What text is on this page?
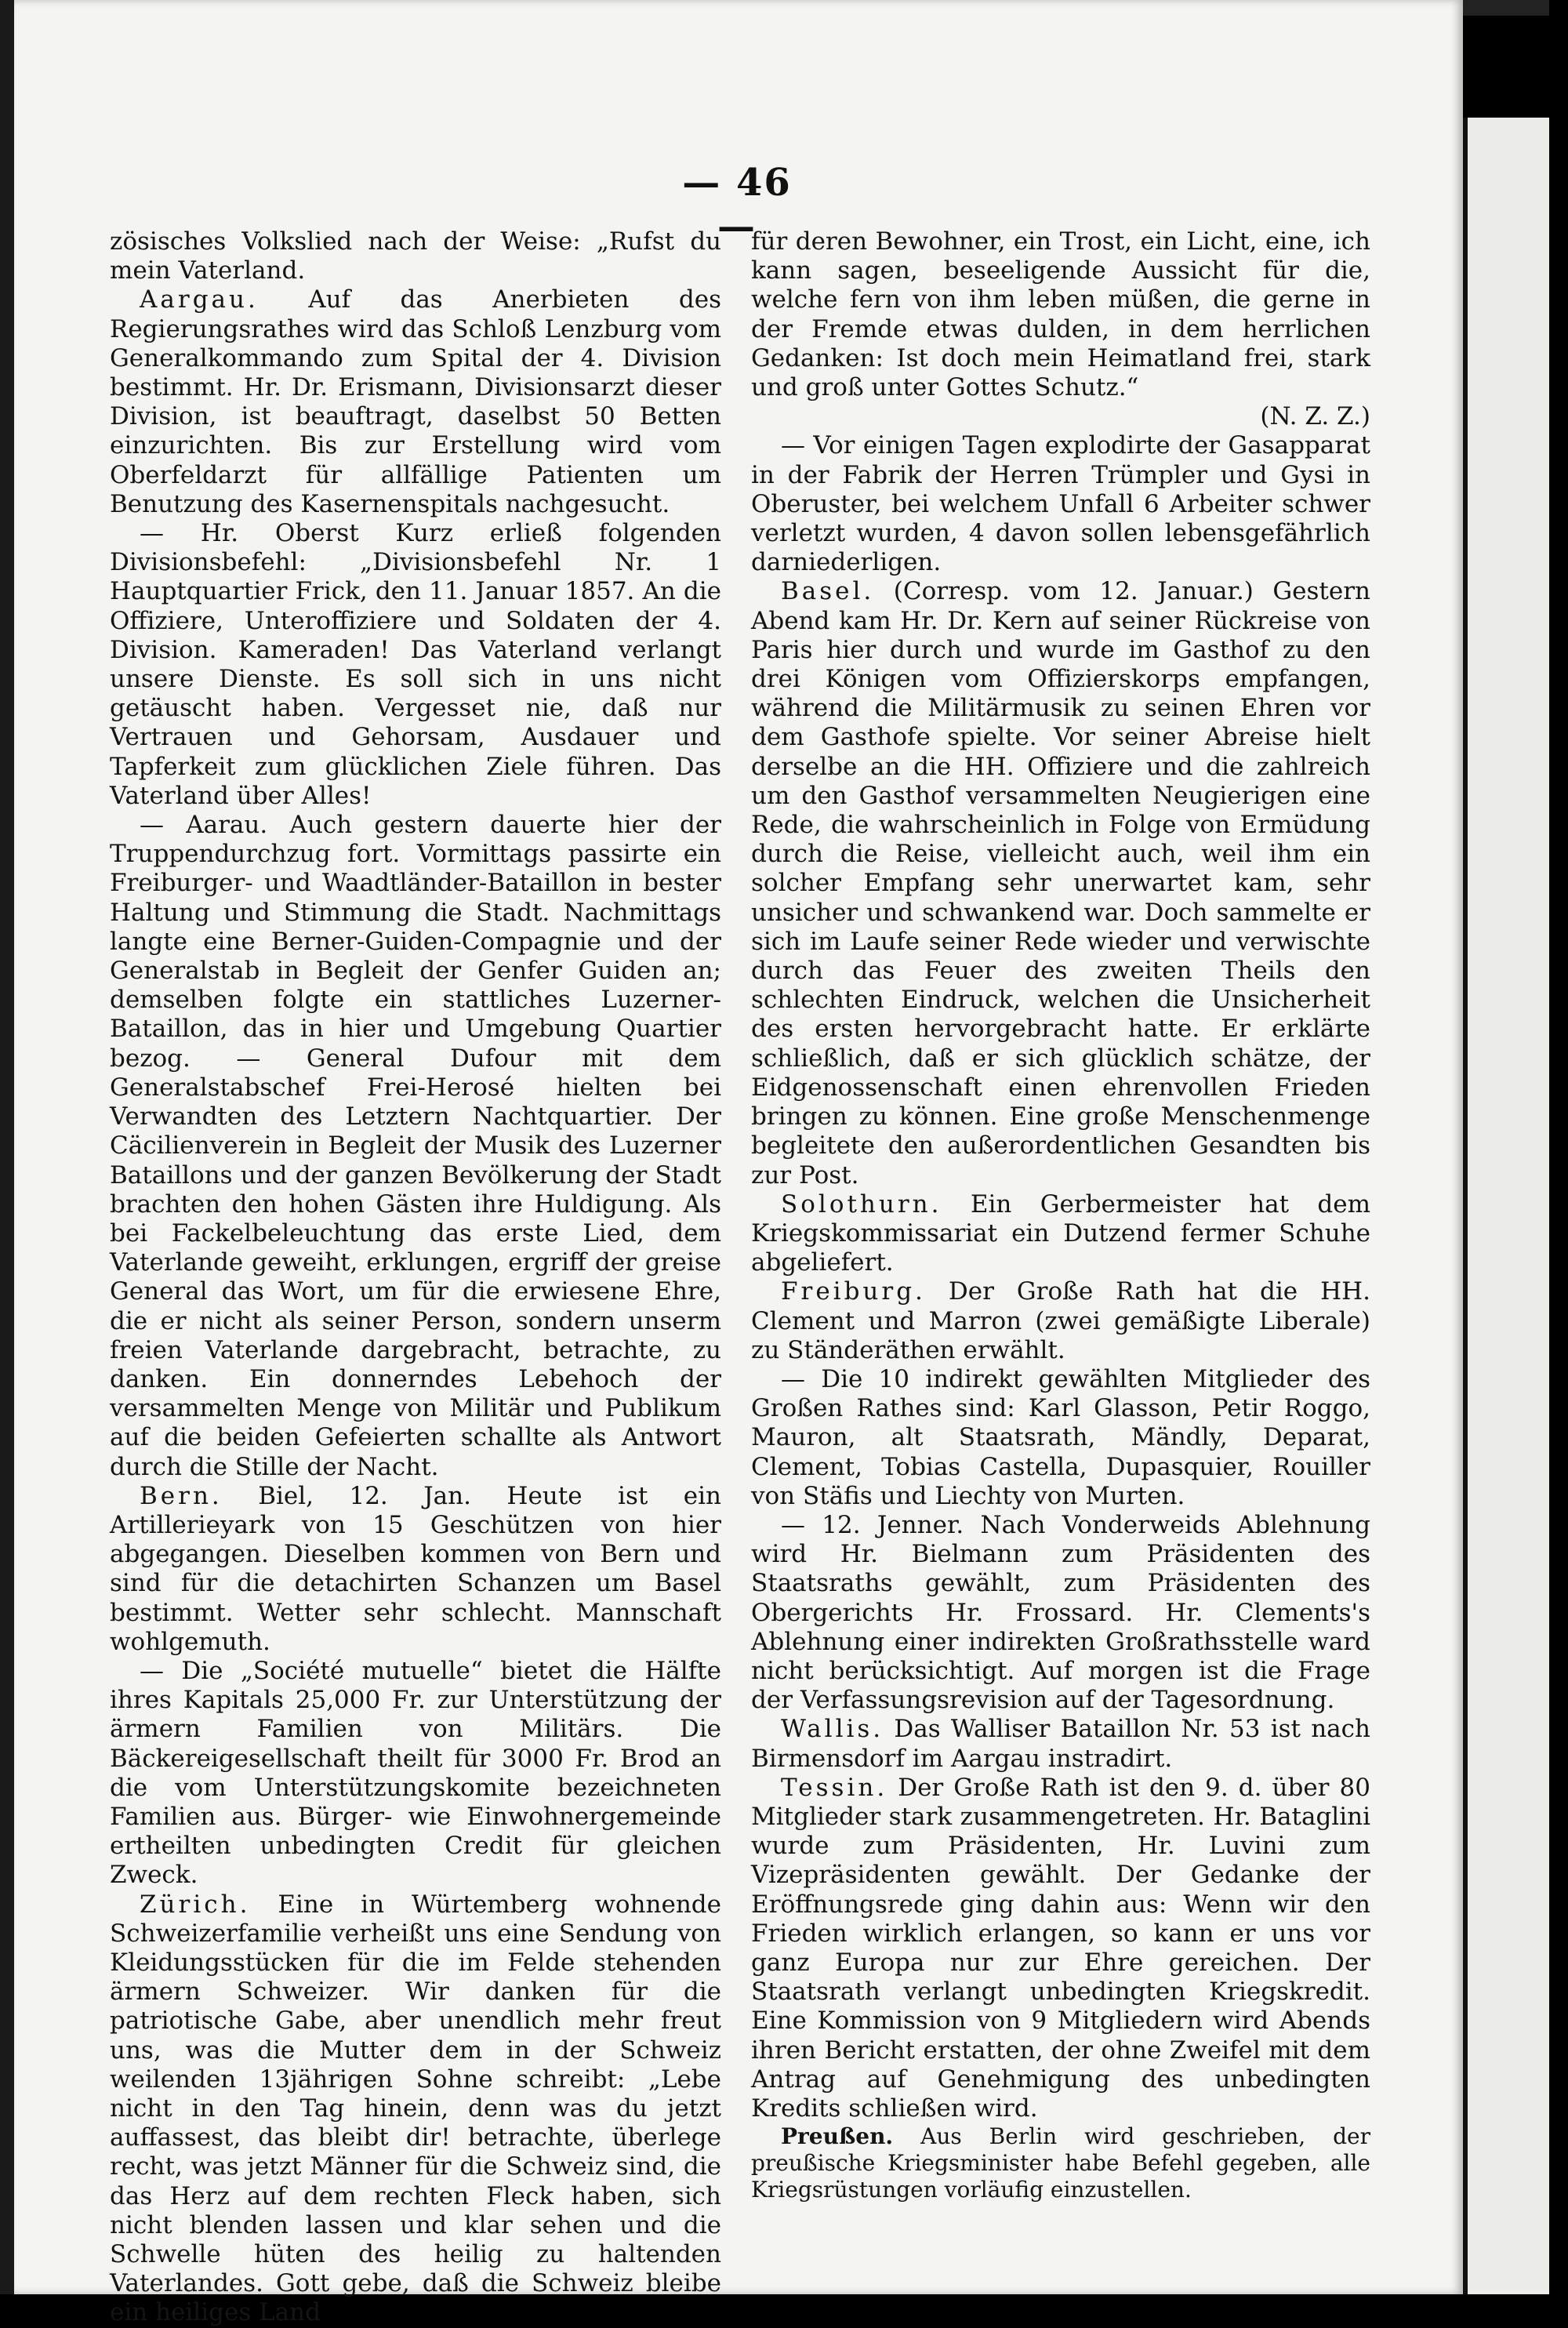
— 46 —

zösisches Volkslied nach der Weise: „Rufst du mein Vaterland.

Aargau. Auf das Anerbieten des Regierungsrathes wird das Schloß Lenzburg vom Generalkommando zum Spital der 4. Division bestimmt. Hr. Dr. Erismann, Divisionsarzt dieser Division, ist beauftragt, daselbst 50 Betten einzurichten. Bis zur Erstellung wird vom Oberfeldarzt für allfällige Patienten um Benutzung des Kasernenspitals nachgesucht.

— Hr. Oberst Kurz erließ folgenden Divisionsbefehl: „Divisionsbefehl Nr. 1 Hauptquartier Frick, den 11. Januar 1857. An die Offiziere, Unteroffiziere und Soldaten der 4. Division. Kameraden! Das Vaterland verlangt unsere Dienste. Es soll sich in uns nicht getäuscht haben. Vergesset nie, daß nur Vertrauen und Gehorsam, Ausdauer und Tapferkeit zum glücklichen Ziele führen. Das Vaterland über Alles!

— Aarau. Auch gestern dauerte hier der Truppendurchzug fort. Vormittags passirte ein Freiburger- und Waadtländer-Bataillon in bester Haltung und Stimmung die Stadt. Nachmittags langte eine Berner-Guiden-Compagnie und der Generalstab in Begleit der Genfer Guiden an; demselben folgte ein stattliches Luzerner-Bataillon, das in hier und Umgebung Quartier bezog. — General Dufour mit dem Generalstabschef Frei-Herosé hielten bei Verwandten des Letztern Nachtquartier. Der Cäcilienverein in Begleit der Musik des Luzerner Bataillons und der ganzen Bevölkerung der Stadt brachten den hohen Gästen ihre Huldigung. Als bei Fackelbeleuchtung das erste Lied, dem Vaterlande geweiht, erklungen, ergriff der greise General das Wort, um für die erwiesene Ehre, die er nicht als seiner Person, sondern unserm freien Vaterlande dargebracht, betrachte, zu danken. Ein donnerndes Lebehoch der versammelten Menge von Militär und Publikum auf die beiden Gefeierten schallte als Antwort durch die Stille der Nacht.

Bern. Biel, 12. Jan. Heute ist ein Artillerieyark von 15 Geschützen von hier abgegangen. Dieselben kommen von Bern und sind für die detachirten Schanzen um Basel bestimmt. Wetter sehr schlecht. Mannschaft wohlgemuth.

— Die „Société mutuelle“ bietet die Hälfte ihres Kapitals 25,000 Fr. zur Unterstützung der ärmern Familien von Militärs. Die Bäckereigesellschaft theilt für 3000 Fr. Brod an die vom Unterstützungskomite bezeichneten Familien aus. Bürger- wie Einwohnergemeinde ertheilten unbedingten Credit für gleichen Zweck.

Zürich. Eine in Würtemberg wohnende Schweizerfamilie verheißt uns eine Sendung von Kleidungsstücken für die im Felde stehenden ärmern Schweizer. Wir danken für die patriotische Gabe, aber unendlich mehr freut uns, was die Mutter dem in der Schweiz weilenden 13jährigen Sohne schreibt: „Lebe nicht in den Tag hinein, denn was du jetzt auffassest, das bleibt dir! betrachte, überlege recht, was jetzt Männer für die Schweiz sind, die das Herz auf dem rechten Fleck haben, sich nicht blenden lassen und klar sehen und die Schwelle hüten des heilig zu haltenden Vaterlandes. Gott gebe, daß die Schweiz bleibe ein heiliges Land

für deren Bewohner, ein Trost, ein Licht, eine, ich kann sagen, beseeligende Aussicht für die, welche fern von ihm leben müßen, die gerne in der Fremde etwas dulden, in dem herrlichen Gedanken: Ist doch mein Heimatland frei, stark und groß unter Gottes Schutz.“
(N. Z. Z.)

— Vor einigen Tagen explodirte der Gasapparat in der Fabrik der Herren Trümpler und Gysi in Oberuster, bei welchem Unfall 6 Arbeiter schwer verletzt wurden, 4 davon sollen lebensgefährlich darniederligen.

Basel. (Corresp. vom 12. Januar.) Gestern Abend kam Hr. Dr. Kern auf seiner Rückreise von Paris hier durch und wurde im Gasthof zu den drei Königen vom Offizierskorps empfangen, während die Militärmusik zu seinen Ehren vor dem Gasthofe spielte. Vor seiner Abreise hielt derselbe an die HH. Offiziere und die zahlreich um den Gasthof versammelten Neugierigen eine Rede, die wahrscheinlich in Folge von Ermüdung durch die Reise, vielleicht auch, weil ihm ein solcher Empfang sehr unerwartet kam, sehr unsicher und schwankend war. Doch sammelte er sich im Laufe seiner Rede wieder und verwischte durch das Feuer des zweiten Theils den schlechten Eindruck, welchen die Unsicherheit des ersten hervorgebracht hatte. Er erklärte schließlich, daß er sich glücklich schätze, der Eidgenossenschaft einen ehrenvollen Frieden bringen zu können. Eine große Menschenmenge begleitete den außerordentlichen Gesandten bis zur Post.

Solothurn. Ein Gerbermeister hat dem Kriegskommissariat ein Dutzend fermer Schuhe abgeliefert.

Freiburg. Der Große Rath hat die HH. Clement und Marron (zwei gemäßigte Liberale) zu Ständeräthen erwählt.

— Die 10 indirekt gewählten Mitglieder des Großen Rathes sind: Karl Glasson, Petir Roggo, Mauron, alt Staatsrath, Mändly, Deparat, Clement, Tobias Castella, Dupasquier, Rouiller von Stäfis und Liechty von Murten.

— 12. Jenner. Nach Vonderweids Ablehnung wird Hr. Bielmann zum Präsidenten des Staatsraths gewählt, zum Präsidenten des Obergerichts Hr. Frossard. Hr. Clements's Ablehnung einer indirekten Großrathsstelle ward nicht berücksichtigt. Auf morgen ist die Frage der Verfassungsrevision auf der Tagesordnung.

Wallis. Das Walliser Bataillon Nr. 53 ist nach Birmensdorf im Aargau instradirt.

Tessin. Der Große Rath ist den 9. d. über 80 Mitglieder stark zusammengetreten. Hr. Bataglini wurde zum Präsidenten, Hr. Luvini zum Vizepräsidenten gewählt. Der Gedanke der Eröffnungsrede ging dahin aus: Wenn wir den Frieden wirklich erlangen, so kann er uns vor ganz Europa nur zur Ehre gereichen. Der Staatsrath verlangt unbedingten Kriegskredit. Eine Kommission von 9 Mitgliedern wird Abends ihren Bericht erstatten, der ohne Zweifel mit dem Antrag auf Genehmigung des unbedingten Kredits schließen wird.

Preußen. Aus Berlin wird geschrieben, der preußische Kriegsminister habe Befehl gegeben, alle Kriegsrüstungen vorläufig einzustellen.
